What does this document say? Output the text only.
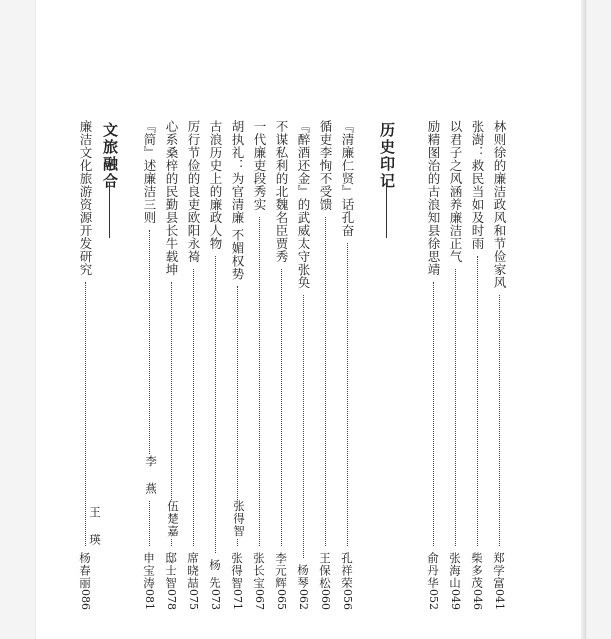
林则徐的廉洁政风和节俭家风
郑学富
041
张澍：救民当如及时雨
柴多茂
046
以君子之风涵养廉洁正气
张海山
049
励精图治的古浪知县徐思靖
俞丹华
052
历史印记
『清廉仁贤』话孔奋
孔祥荣
056
循吏李恂不受馈
王保松
060
『醉酒还金』的武威太守张奂
杨琴
062
不谋私利的北魏名臣贾秀
李元辉
065
一代廉吏段秀实
张长宝
067
胡执礼：为官清廉 不媚权势
张得智
071
古浪历史上的廉政人物
杨 先
073
厉行节俭的良吏欧阳永裿
席晓喆
075
心系桑梓的民勤县长牛载坤
邸士智
078
『简』述廉洁三则
申宝涛
081
张得智
伍楚嘉
李 燕
文旅融合
廉洁文化旅游资源开发研究
杨春丽
086
王 瑛
